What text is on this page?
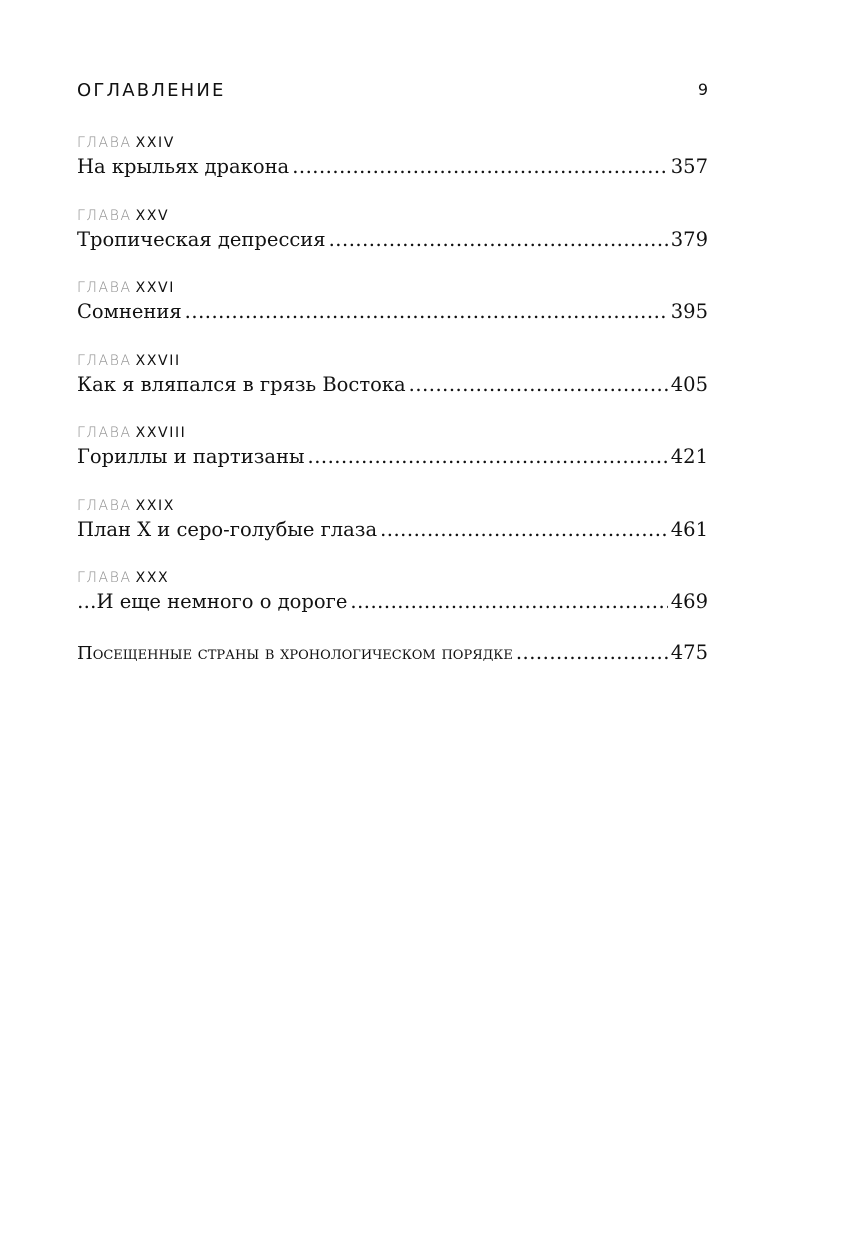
ОГЛАВЛЕНИЕ	9
ГЛАВА XXIV
На крыльях дракона .....	357
ГЛАВА XXV
Тропическая депрессия .....	379
ГЛАВА XXVI
Сомнения .....	395
ГЛАВА XXVII
Как я вляпался в грязь Востока .....	405
ГЛАВА XXVIII
Гориллы и партизаны .....	421
ГЛАВА XXIX
План X и серо-голубые глаза .....	461
ГЛАВА XXX
…И еще немного о дороге .....	469
Посещенные страны в хронологическом порядке .....	475
